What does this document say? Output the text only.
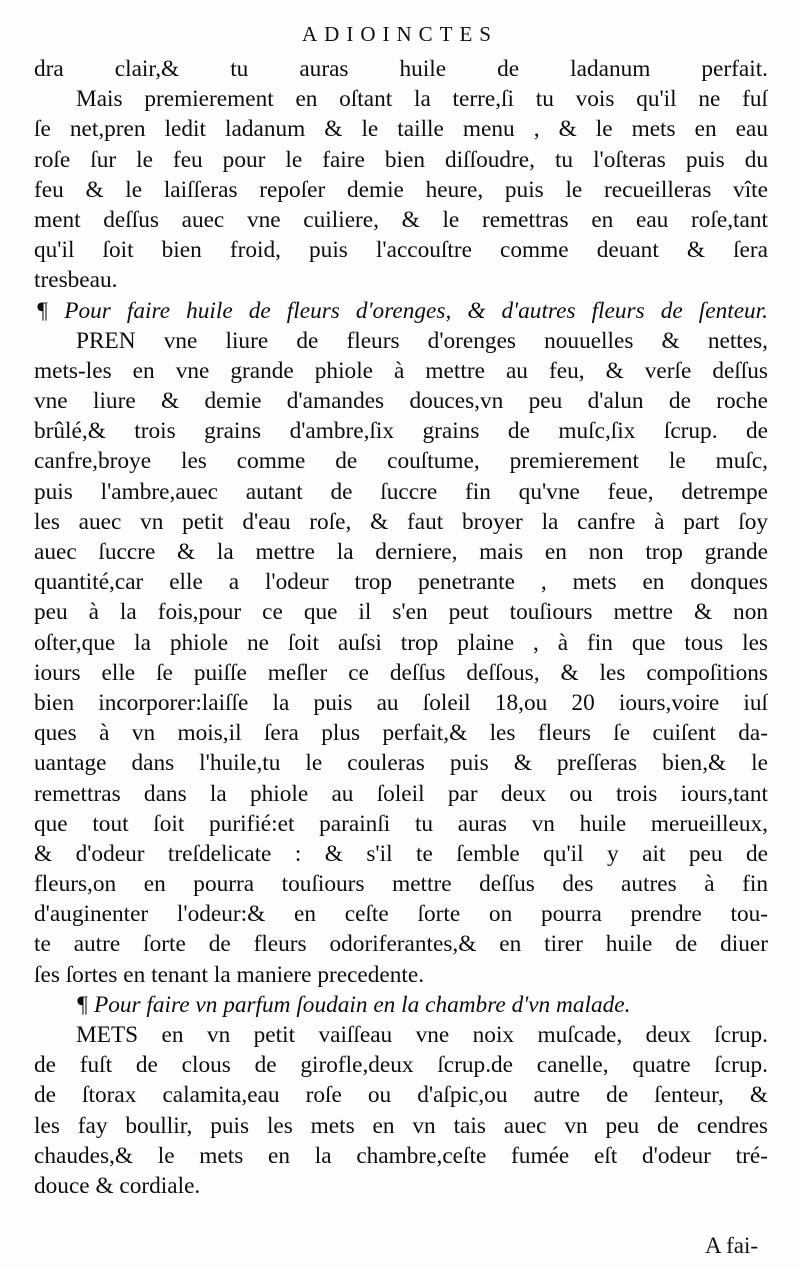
ADIOINCTES
dra clair,& tu auras huile de ladanum perfait.
Mais premierement en oſtant la terre,ſi tu vois qu'il ne fuſ
ſe net,pren ledit ladanum & le taille menu , & le mets en eau
roſe ſur le feu pour le faire bien diſſoudre, tu l'oſteras puis du
feu & le laiſſeras repoſer demie heure, puis le recueilleras vîte
ment deſſus auec vne cuiliere, & le remettras en eau roſe,tant
qu'il ſoit bien froid, puis l'accouſtre comme deuant & ſera
tresbeau.
¶ Pour faire huile de fleurs d'orenges, & d'autres fleurs de ſenteur.
PREN vne liure de fleurs d'orenges nouuelles & nettes,
mets-les en vne grande phiole à mettre au feu, & verſe deſſus
vne liure & demie d'amandes douces,vn peu d'alun de roche
brûlé,& trois grains d'ambre,ſix grains de muſc,ſix ſcrup. de
canfre,broye les comme de couſtume, premierement le muſc,
puis l'ambre,auec autant de ſuccre fin qu'vne feue, detrempe
les auec vn petit d'eau roſe, & faut broyer la canfre à part ſoy
auec ſuccre & la mettre la derniere, mais en non trop grande
quantité,car elle a l'odeur trop penetrante , mets en donques
peu à la fois,pour ce que il s'en peut touſiours mettre & non
oſter,que la phiole ne ſoit auſsi trop plaine , à fin que tous les
iours elle ſe puiſſe meſler ce deſſus deſſous, & les compoſitions
bien incorporer:laiſſe la puis au ſoleil 18,ou 20 iours,voire iuſ
ques à vn mois,il ſera plus perfait,& les fleurs ſe cuiſent da-
uantage dans l'huile,tu le couleras puis & preſſeras bien,& le
remettras dans la phiole au ſoleil par deux ou trois iours,tant
que tout ſoit purifié:et parainſi tu auras vn huile merueilleux,
& d'odeur treſdelicate : & s'il te ſemble qu'il y ait peu de
fleurs,on en pourra touſiours mettre deſſus des autres à fin
d'auginenter l'odeur:& en ceſte ſorte on pourra prendre tou-
te autre ſorte de fleurs odoriferantes,& en tirer huile de diuer
ſes ſortes en tenant la maniere precedente.
¶ Pour faire vn parfum ſoudain en la chambre d'vn malade.
METS en vn petit vaiſſeau vne noix muſcade, deux ſcrup.
de fuſt de clous de girofle,deux ſcrup.de canelle, quatre ſcrup.
de ſtorax calamita,eau roſe ou d'aſpic,ou autre de ſenteur, &
les fay boullir, puis les mets en vn tais auec vn peu de cendres
chaudes,& le mets en la chambre,ceſte fumée eſt d'odeur tré-
douce & cordiale.
A fai-
